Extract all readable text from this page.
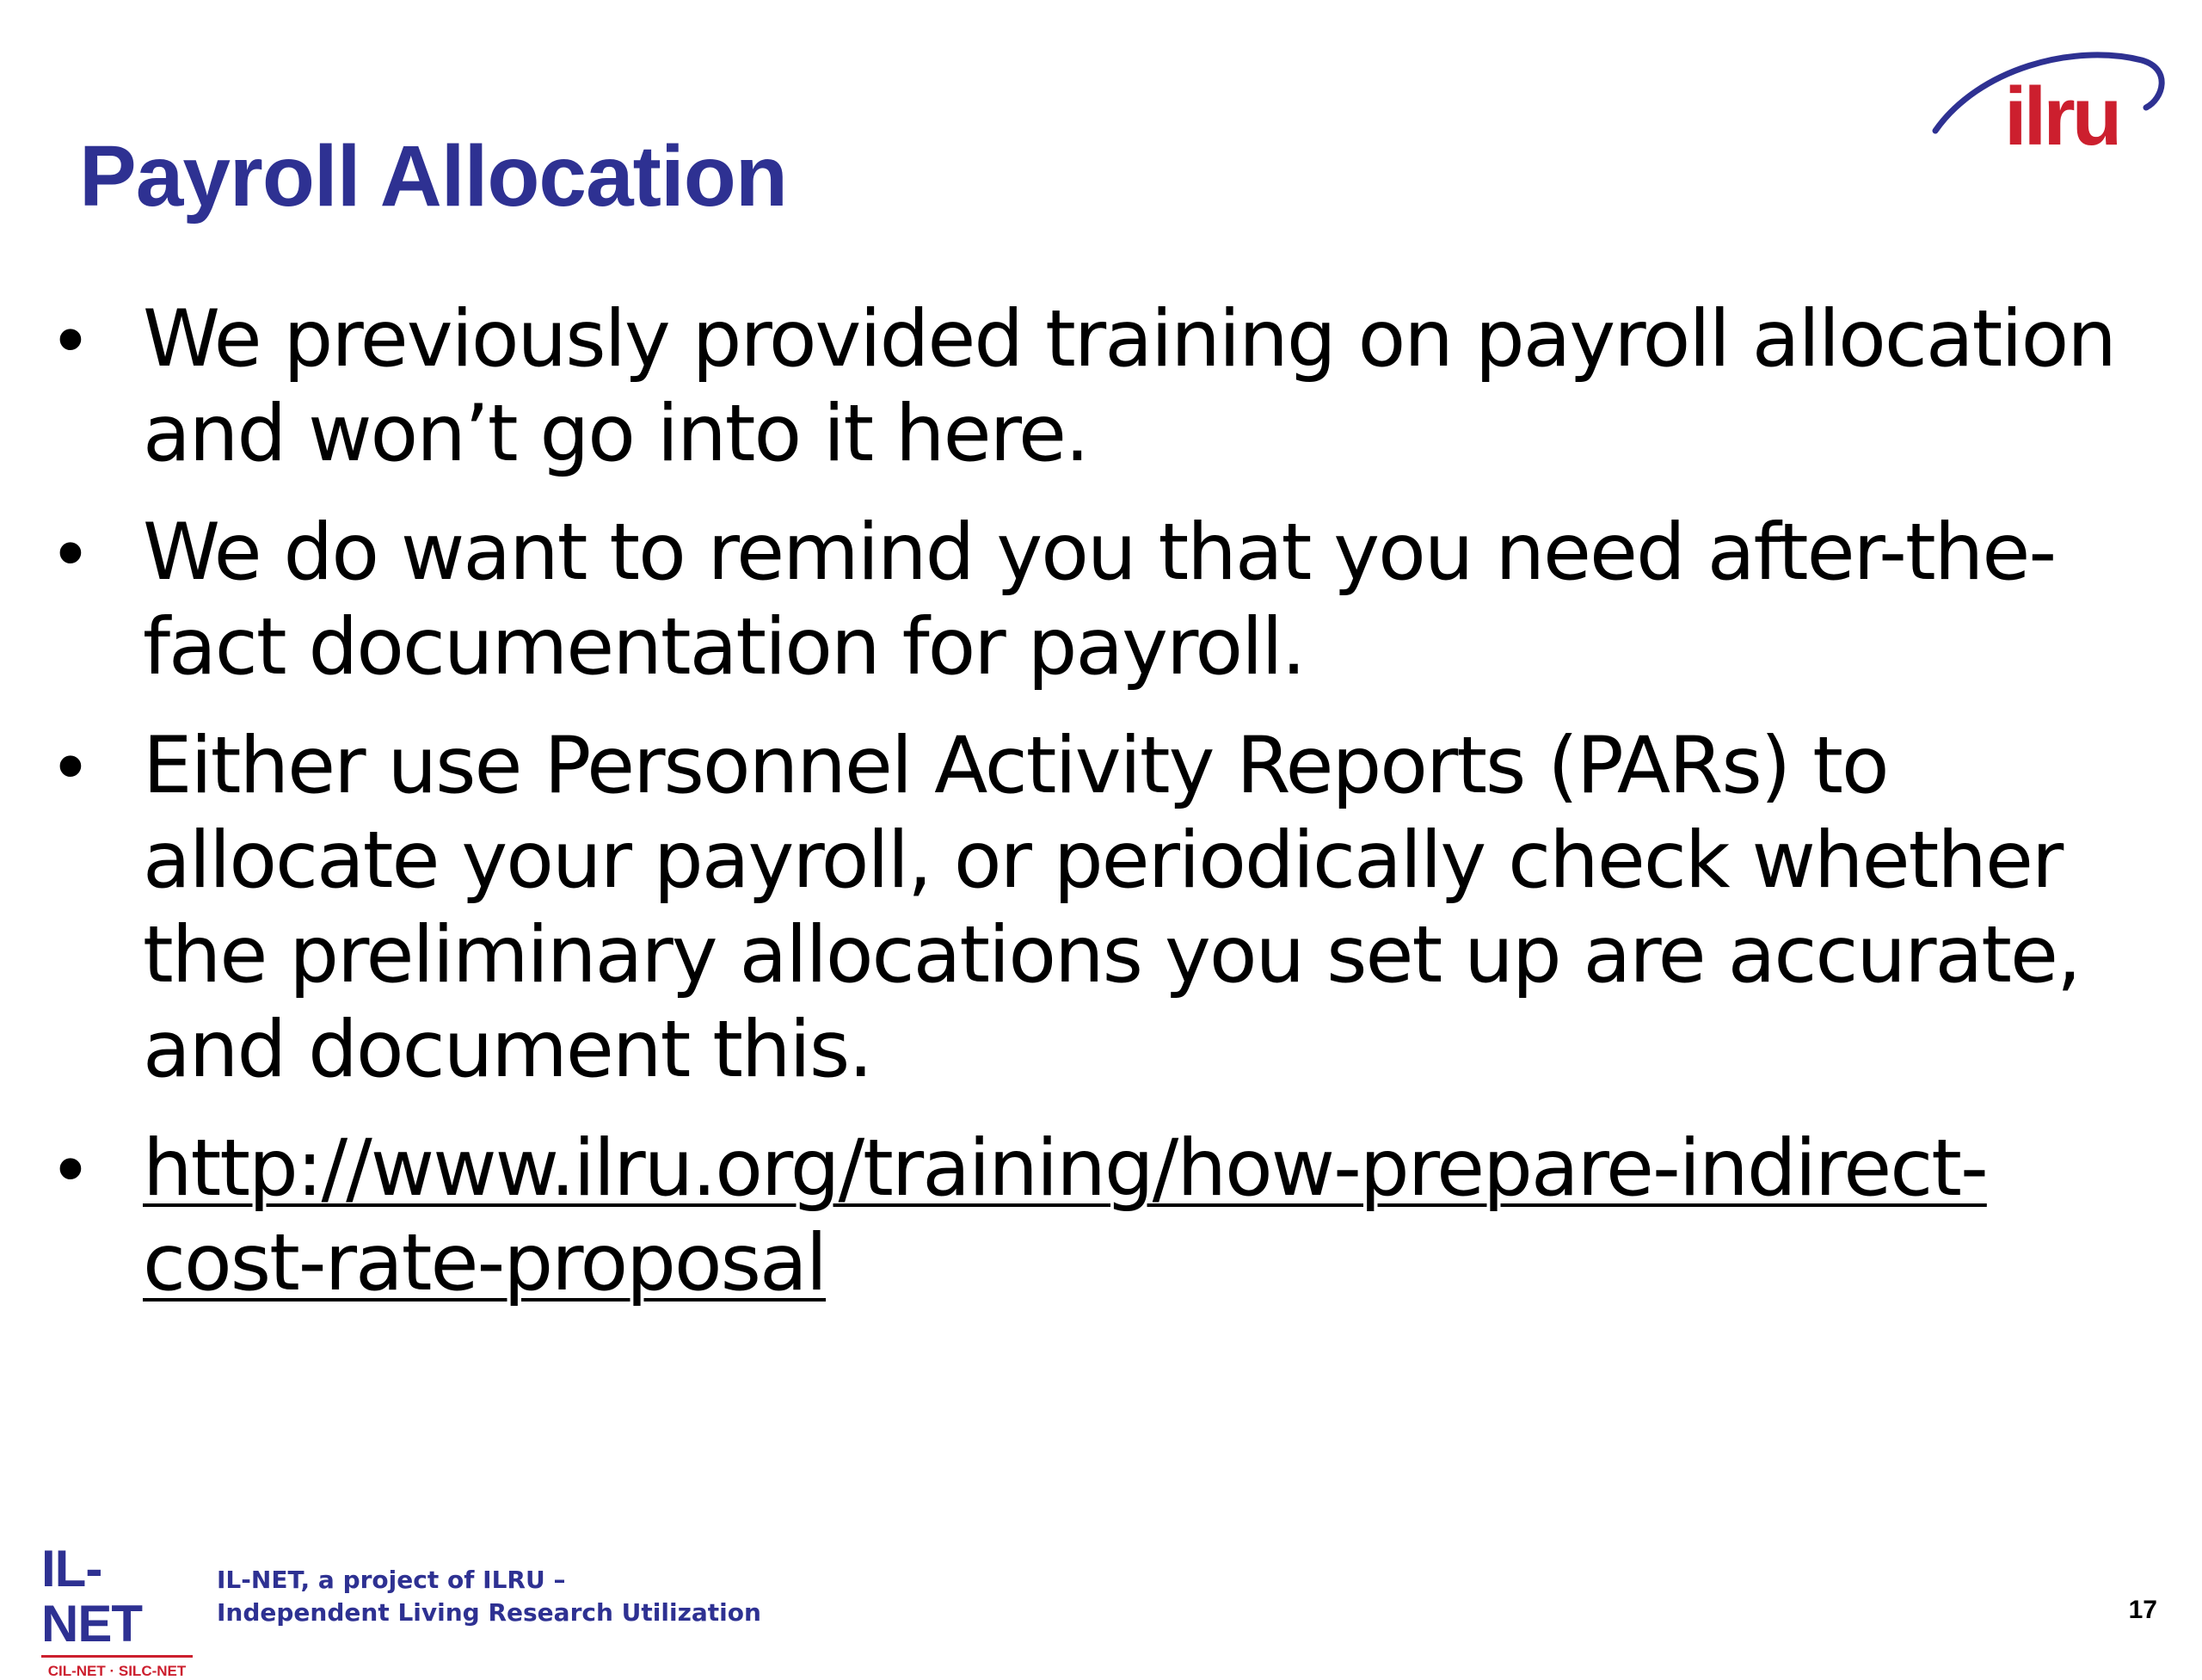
Payroll Allocation
ilru
• We previously provided training on payroll allocation and won’t go into it here.
• We do want to remind you that you need after-the-fact documentation for payroll.
• Either use Personnel Activity Reports (PARs) to allocate your payroll, or periodically check whether the preliminary allocations you set up are accurate, and document this.
• http://www.ilru.org/training/how-prepare-indirect-cost-rate-proposal
IL-NET
CIL-NET · SILC-NET
IL-NET, a project of ILRU –
Independent Living Research Utilization	17
